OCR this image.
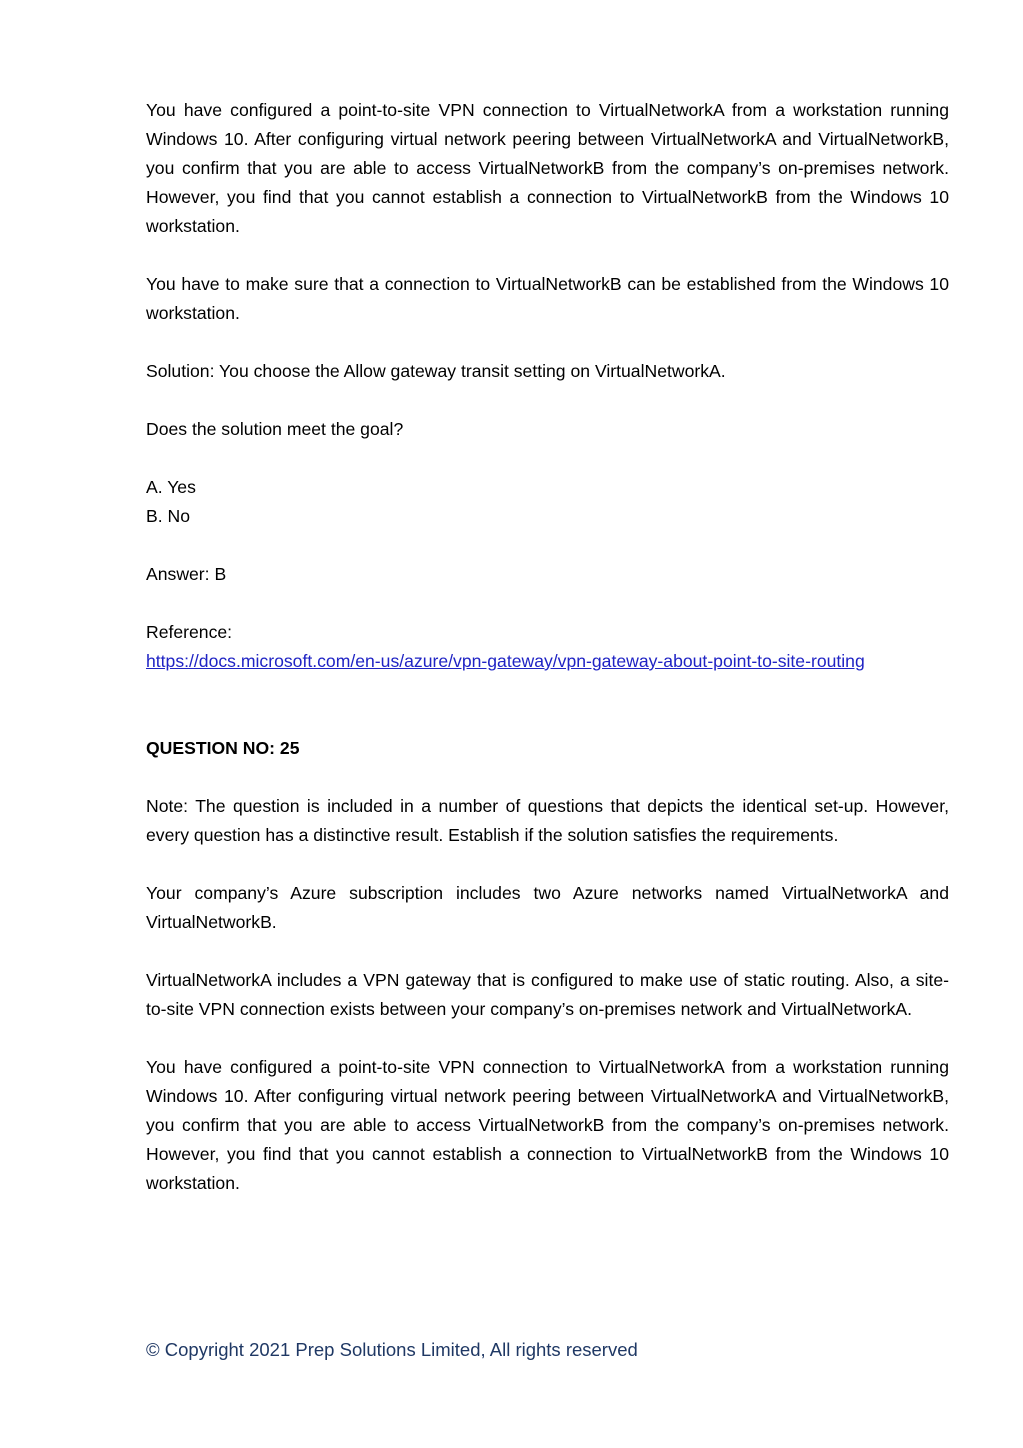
You have configured a point-to-site VPN connection to VirtualNetworkA from a workstation running Windows 10. After configuring virtual network peering between VirtualNetworkA and VirtualNetworkB, you confirm that you are able to access VirtualNetworkB from the company’s on-premises network. However, you find that you cannot establish a connection to VirtualNetworkB from the Windows 10 workstation.

You have to make sure that a connection to VirtualNetworkB can be established from the Windows 10 workstation.

Solution: You choose the Allow gateway transit setting on VirtualNetworkA.

Does the solution meet the goal?

A. Yes

B. No

Answer: B

Reference:

https://docs.microsoft.com/en-us/azure/vpn-gateway/vpn-gateway-about-point-to-site-routing

QUESTION NO: 25

Note: The question is included in a number of questions that depicts the identical set-up. However, every question has a distinctive result. Establish if the solution satisfies the requirements.

Your company’s Azure subscription includes two Azure networks named VirtualNetworkA and VirtualNetworkB.

VirtualNetworkA includes a VPN gateway that is configured to make use of static routing. Also, a site-to-site VPN connection exists between your company’s on-premises network and VirtualNetworkA.

You have configured a point-to-site VPN connection to VirtualNetworkA from a workstation running Windows 10. After configuring virtual network peering between VirtualNetworkA and VirtualNetworkB, you confirm that you are able to access VirtualNetworkB from the company’s on-premises network. However, you find that you cannot establish a connection to VirtualNetworkB from the Windows 10 workstation.

© Copyright 2021 Prep Solutions Limited, All rights reserved
